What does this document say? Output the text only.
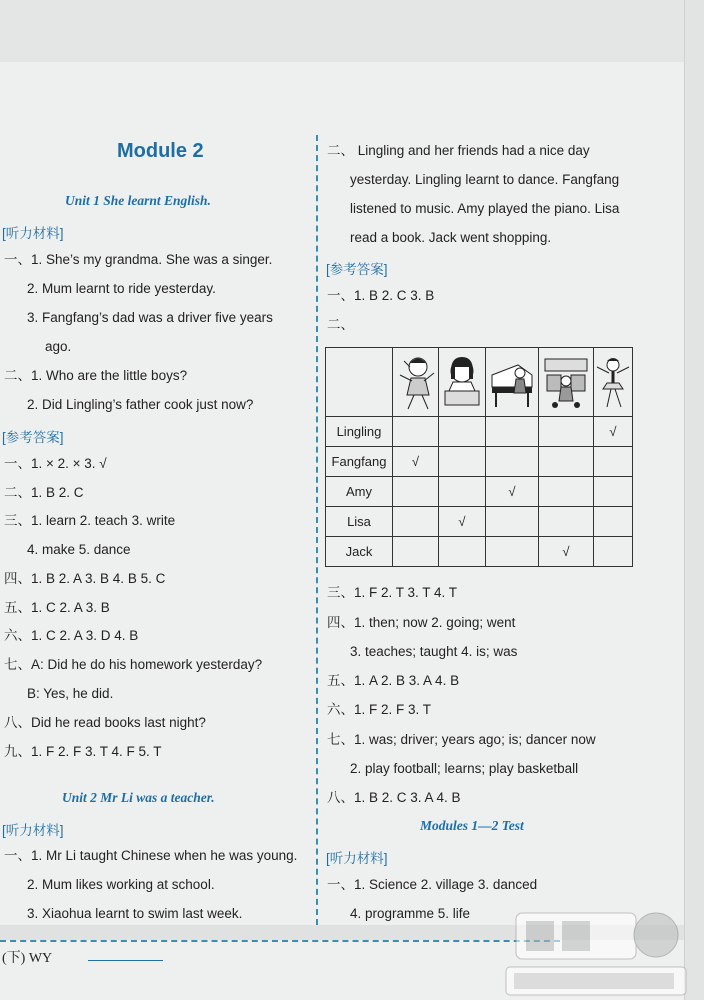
Module 2
Unit 1 She learnt English.
[听力材料]
一、1. She’s my grandma. She was a singer.
2. Mum learnt to ride yesterday.
3. Fangfang’s dad was a driver five years
ago.
二、1. Who are the little boys?
2. Did Lingling’s father cook just now?
[参考答案]
一、1. × 2. × 3. √
二、1. B 2. C
三、1. learn 2. teach 3. write
4. make 5. dance
四、1. B 2. A 3. B 4. B 5. C
五、1. C 2. A 3. B
六、1. C 2. A 3. D 4. B
七、A: Did he do his homework yesterday?
B: Yes, he did.
八、Did he read books last night?
九、1. F 2. F 3. T 4. F 5. T
Unit 2 Mr Li was a teacher.
[听力材料]
一、1. Mr Li taught Chinese when he was young.
2. Mum likes working at school.
3. Xiaohua learnt to swim last week.
二、 Lingling and her friends had a nice day
yesterday. Lingling learnt to dance. Fangfang
listened to music. Amy played the piano. Lisa
read a book. Jack went shopping.
[参考答案]
一、1. B 2. C 3. B
二、

Lingling					√
Fangfang	√				
Amy			√		
Lisa		√			
Jack				√	
三、1. F 2. T 3. T 4. T
四、1. then; now 2. going; went
3. teaches; taught 4. is; was
五、1. A 2. B 3. A 4. B
六、1. F 2. F 3. T
七、1. was; driver; years ago; is; dancer now
2. play football; learns; play basketball
八、1. B 2. C 3. A 4. B
Modules 1—2 Test
[听力材料]
一、1. Science 2. village 3. danced
4. programme 5. life
(下) WY
